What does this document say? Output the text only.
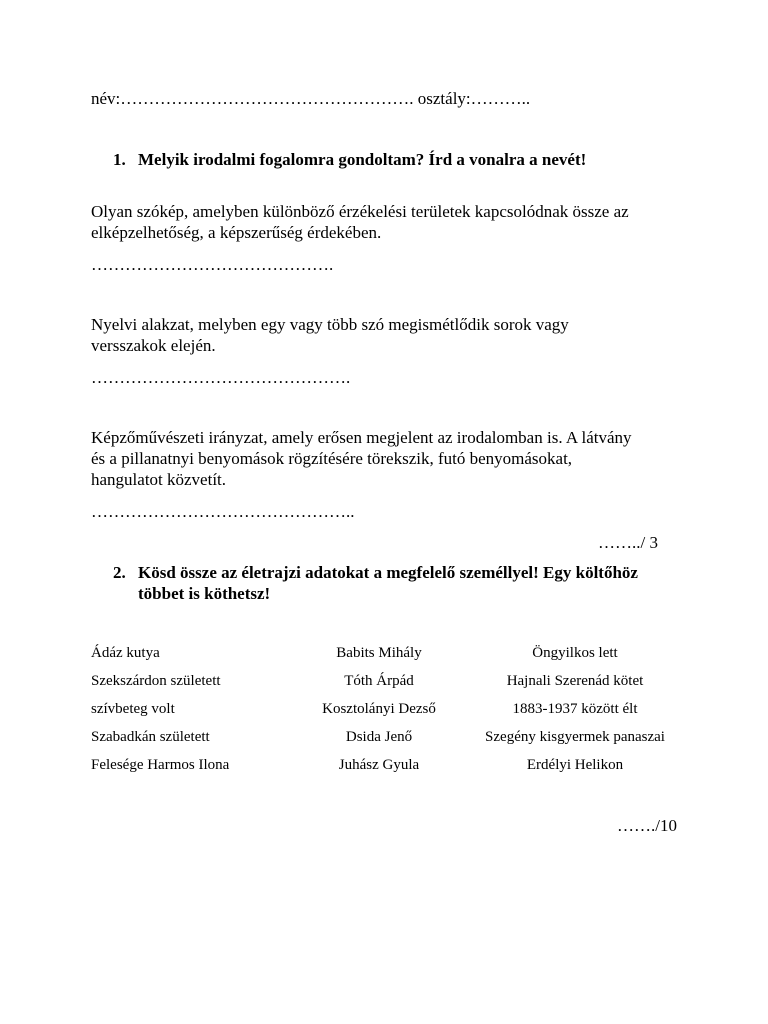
név:……………………………………………. osztály:………..
1. Melyik irodalmi fogalomra gondoltam? Írd a vonalra a nevét!
Olyan szókép, amelyben különböző érzékelési területek kapcsolódnak össze az
elképzelhetőség, a képszerűség érdekében.
…………………………………….
Nyelvi alakzat, melyben egy vagy több szó megismétlődik sorok vagy
versszakok elején.
……………………………………….
Képzőművészeti irányzat, amely erősen megjelent az irodalomban is. A látvány
és a pillanatnyi benyomások rögzítésére törekszik, futó benyomásokat,
hangulatot közvetít.
………………………………………..
……../ 3
2. Kösd össze az életrajzi adatokat a megfelelő személlyel! Egy költőhöz
többet is köthetsz!
Ádáz kutya
Szekszárdon született
szívbeteg volt
Szabadkán született
Felesége Harmos Ilona
Babits Mihály
Tóth Árpád
Kosztolányi Dezső
Dsida Jenő
Juhász Gyula
Öngyilkos lett
Hajnali Szerenád kötet
1883-1937 között élt
Szegény kisgyermek panaszai
Erdélyi Helikon
……./10
